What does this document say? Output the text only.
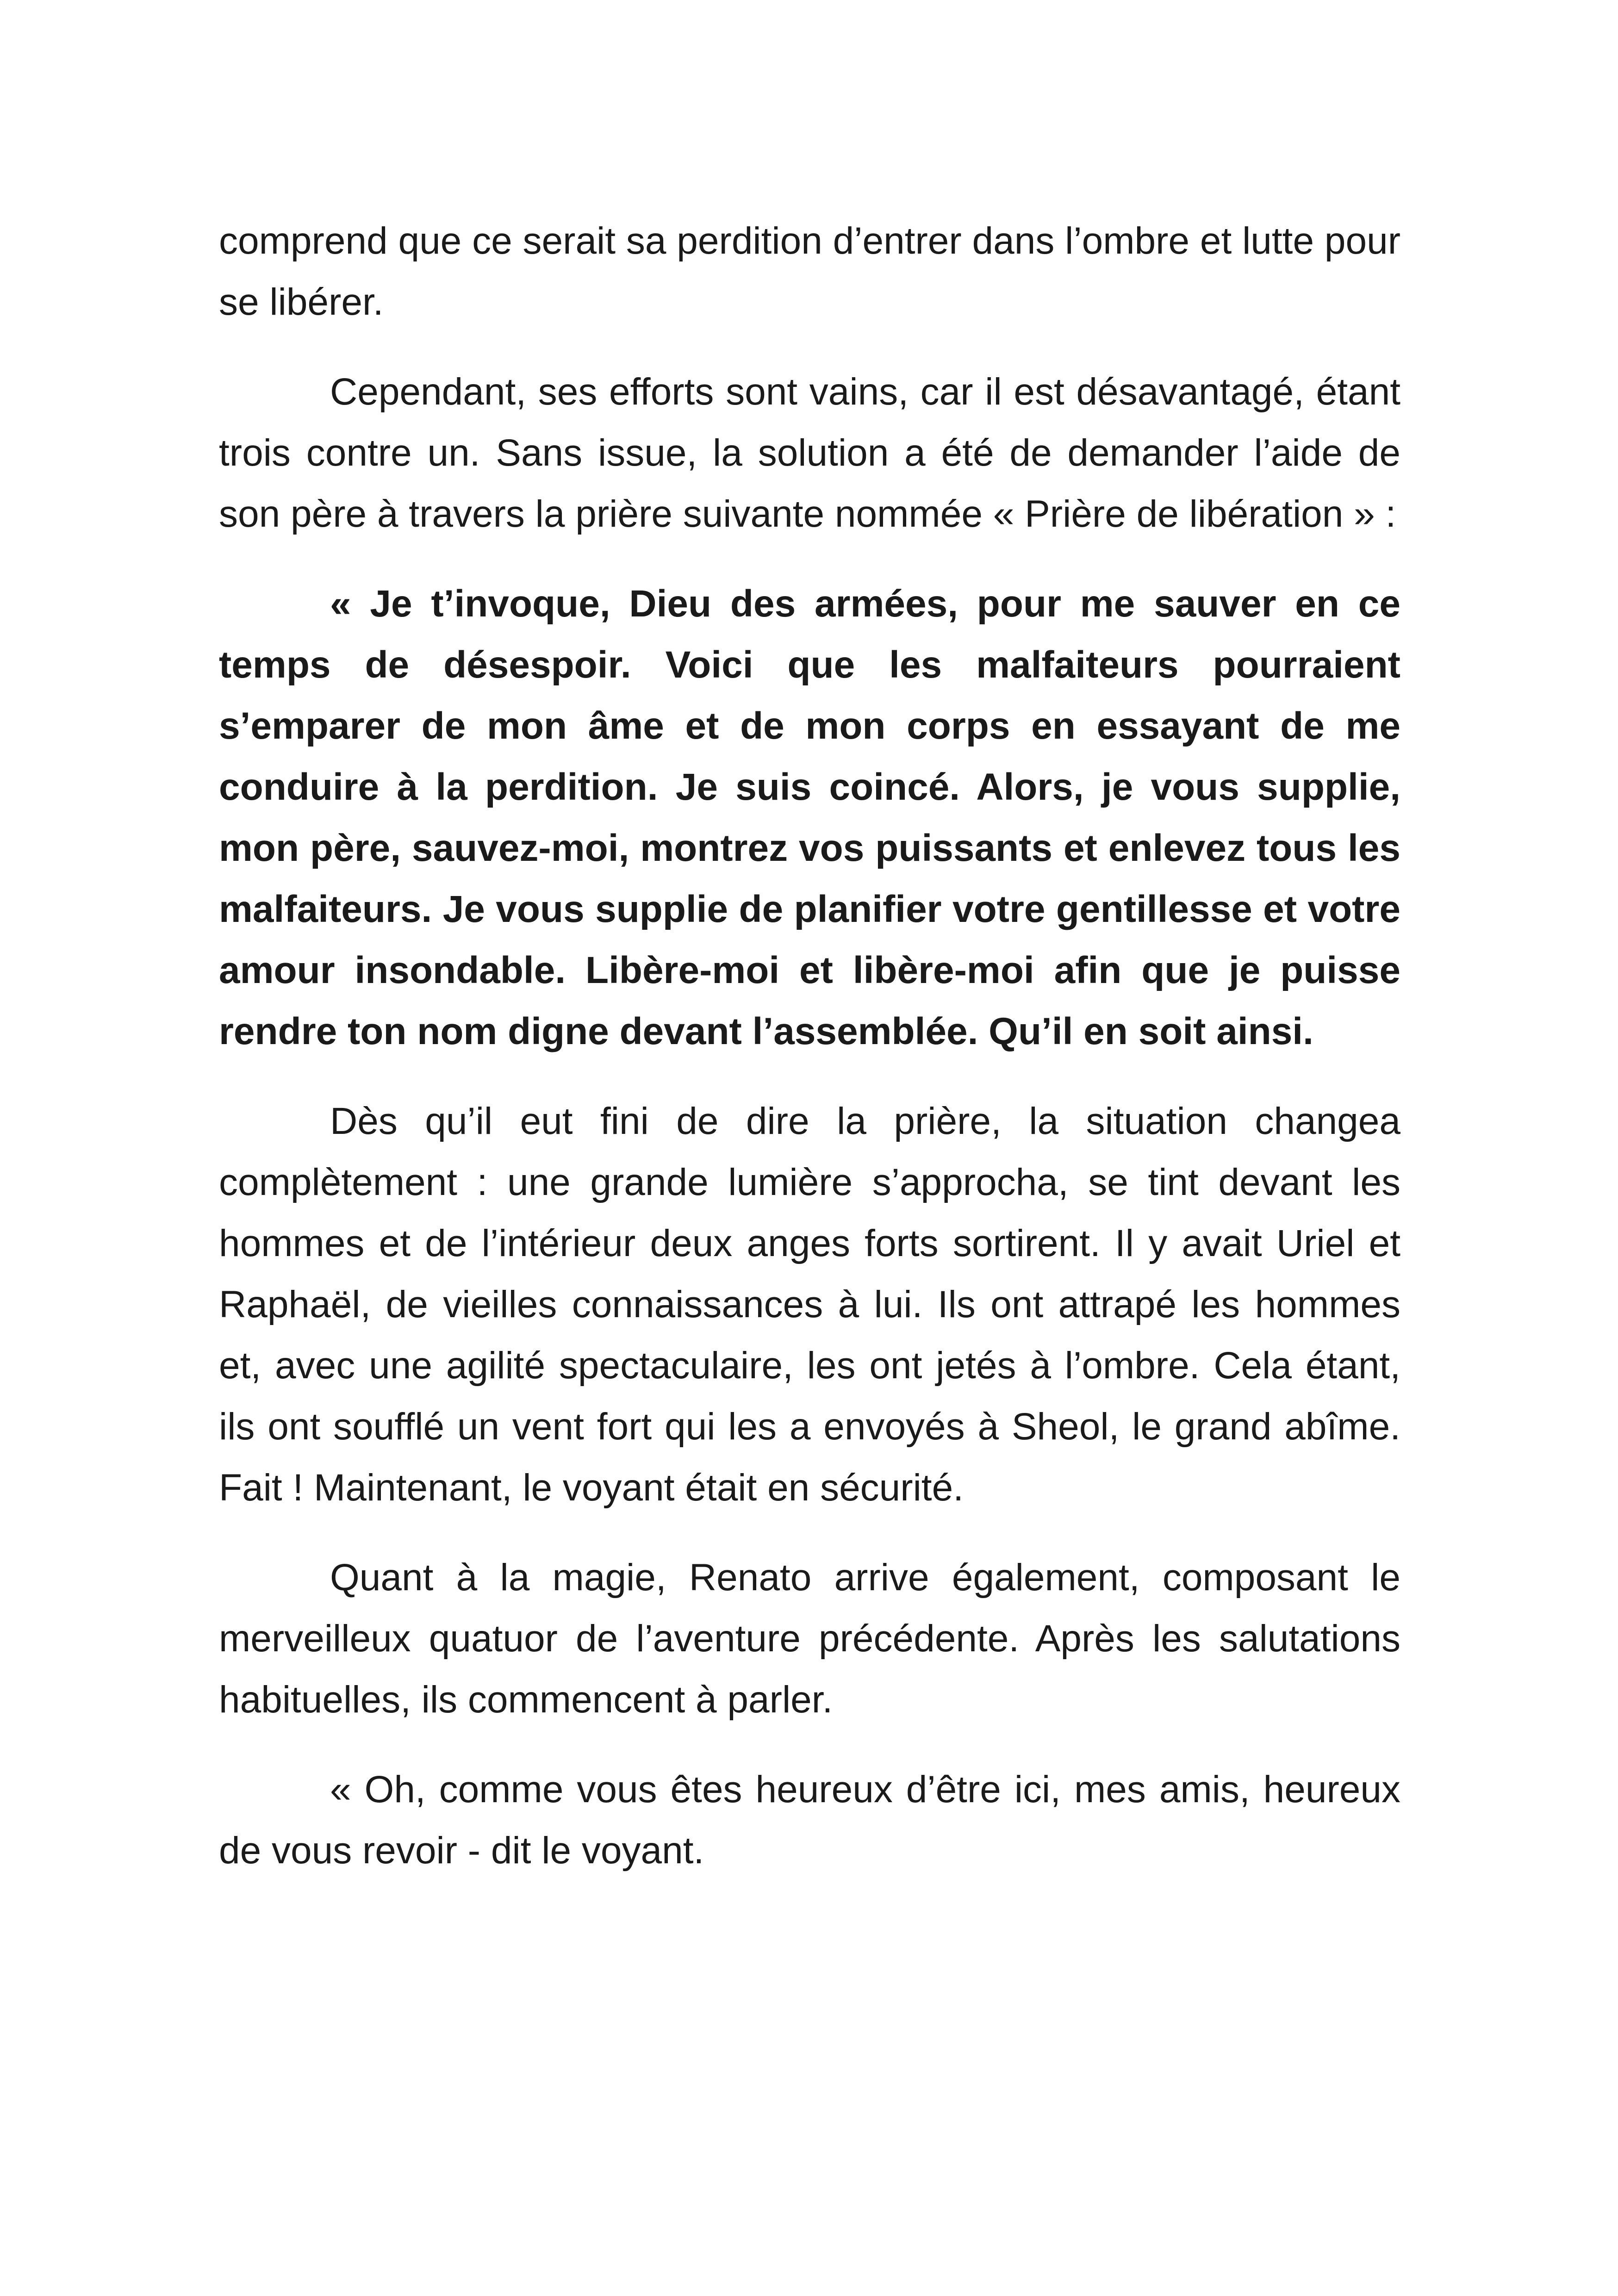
comprend que ce serait sa perdition d’entrer dans l’ombre et lutte pour se libérer.

Cependant, ses efforts sont vains, car il est désavantagé, étant trois contre un. Sans issue, la solution a été de demander l’aide de son père à travers la prière suivante nommée « Prière de libération » :

« Je t’invoque, Dieu des armées, pour me sauver en ce temps de désespoir. Voici que les malfaiteurs pourraient s’emparer de mon âme et de mon corps en essayant de me conduire à la perdition. Je suis coincé. Alors, je vous supplie, mon père, sauvez-moi, montrez vos puissants et enlevez tous les malfaiteurs. Je vous supplie de planifier votre gentillesse et votre amour insondable. Libère-moi et libère-moi afin que je puisse rendre ton nom digne devant l’assemblée. Qu’il en soit ainsi.

Dès qu’il eut fini de dire la prière, la situation changea complètement : une grande lumière s’approcha, se tint devant les hommes et de l’intérieur deux anges forts sortirent. Il y avait Uriel et Raphaël, de vieilles connaissances à lui. Ils ont attrapé les hommes et, avec une agilité spectaculaire, les ont jetés à l’ombre. Cela étant, ils ont soufflé un vent fort qui les a envoyés à Sheol, le grand abîme. Fait ! Maintenant, le voyant était en sécurité.

Quant à la magie, Renato arrive également, composant le merveilleux quatuor de l’aventure précédente. Après les salutations habituelles, ils commencent à parler.

« Oh, comme vous êtes heureux d’être ici, mes amis, heureux de vous revoir - dit le voyant.
